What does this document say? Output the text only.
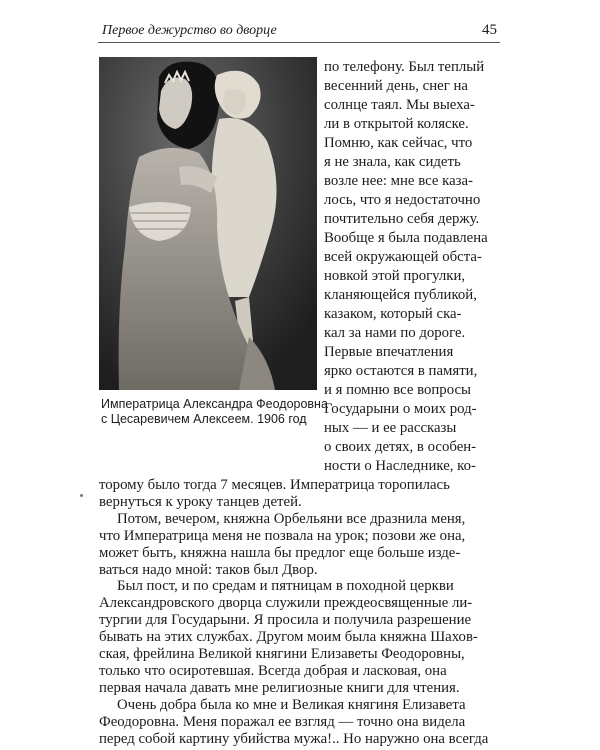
Первое дежурство во дворце	45
Императрица Александра Феодоровна
с Цесаревичем Алексеем. 1906 год
по телефону. Был теплый
весенний день, снег на
солнце таял. Мы выеха-
ли в открытой коляске.
Помню, как сейчас, что
я не знала, как сидеть
возле нее: мне все каза-
лось, что я недостаточно
почтительно себя держу.
Вообще я была подавлена
всей окружающей обста-
новкой этой прогулки,
кланяющейся публикой,
казаком, который ска-
кал за нами по дороге.
Первые впечатления
ярко остаются в памяти,
и я помню все вопросы
Государыни о моих род-
ных — и ее рассказы
о своих детях, в особен-
ности о Наследнике, ко-
торому было тогда 7 месяцев. Императрица торопилась
вернуться к уроку танцев детей.
Потом, вечером, княжна Орбельяни все дразнила меня,
что Императрица меня не позвала на урок; позови же она,
может быть, княжна нашла бы предлог еще больше изде-
ваться надо мной: таков был Двор.
Был пост, и по средам и пятницам в походной церкви
Александровского дворца служили преждеосвященные ли-
тургии для Государыни. Я просила и получила разрешение
бывать на этих службах. Другом моим была княжна Шахов-
ская, фрейлина Великой княгини Елизаветы Феодоровны,
только что осиротевшая. Всегда добрая и ласковая, она
первая начала давать мне религиозные книги для чтения.
Очень добра была ко мне и Великая княгиня Елизавета
Феодоровна. Меня поражал ее взгляд — точно она видела
перед собой картину убийства мужа!.. Но наружно она всегда
